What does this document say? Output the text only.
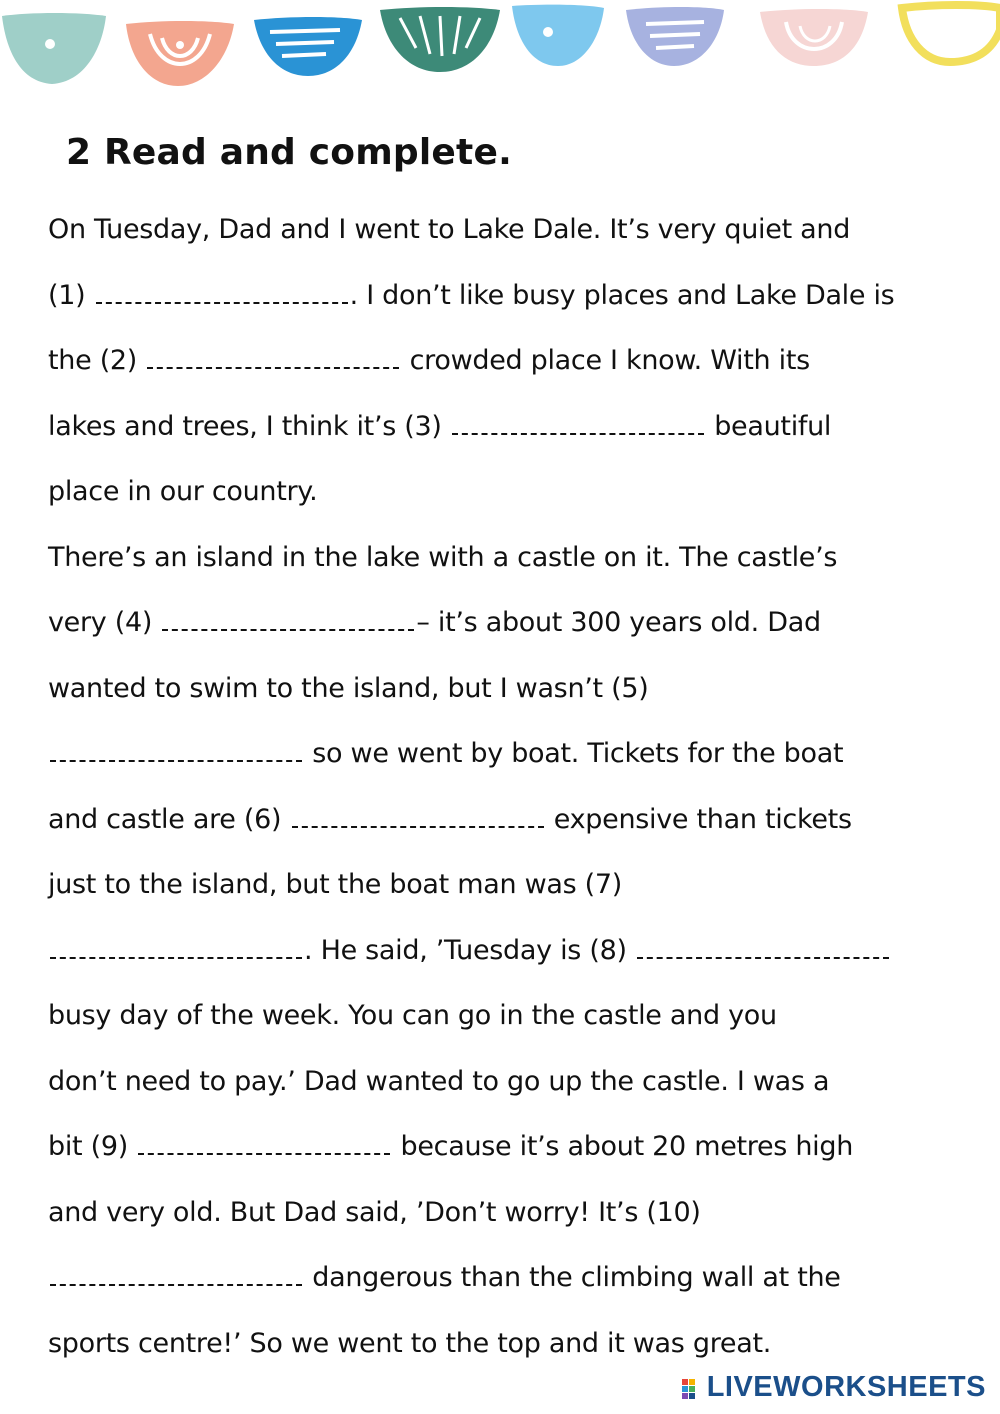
2 Read and complete.
On Tuesday, Dad and I went to Lake Dale. It’s very quiet and
(1)	. I don’t like busy places and Lake Dale is
the (2)	crowded place I know. With its
lakes and trees, I think it’s (3)	beautiful
place in our country.
There’s an island in the lake with a castle on it. The castle’s
very (4)	– it’s about 300 years old. Dad
wanted to swim to the island, but I wasn’t (5)
so we went by boat. Tickets for the boat
and castle are (6)	expensive than tickets
just to the island, but the boat man was (7)
. He said, ’Tuesday is (8)
busy day of the week. You can go in the castle and you
don’t need to pay.’ Dad wanted to go up the castle. I was a
bit (9)	because it’s about 20 metres high
and very old. But Dad said, ’Don’t worry! It’s (10)
dangerous than the climbing wall at the
sports centre!’ So we went to the top and it was great.
LIVEWORKSHEETS
